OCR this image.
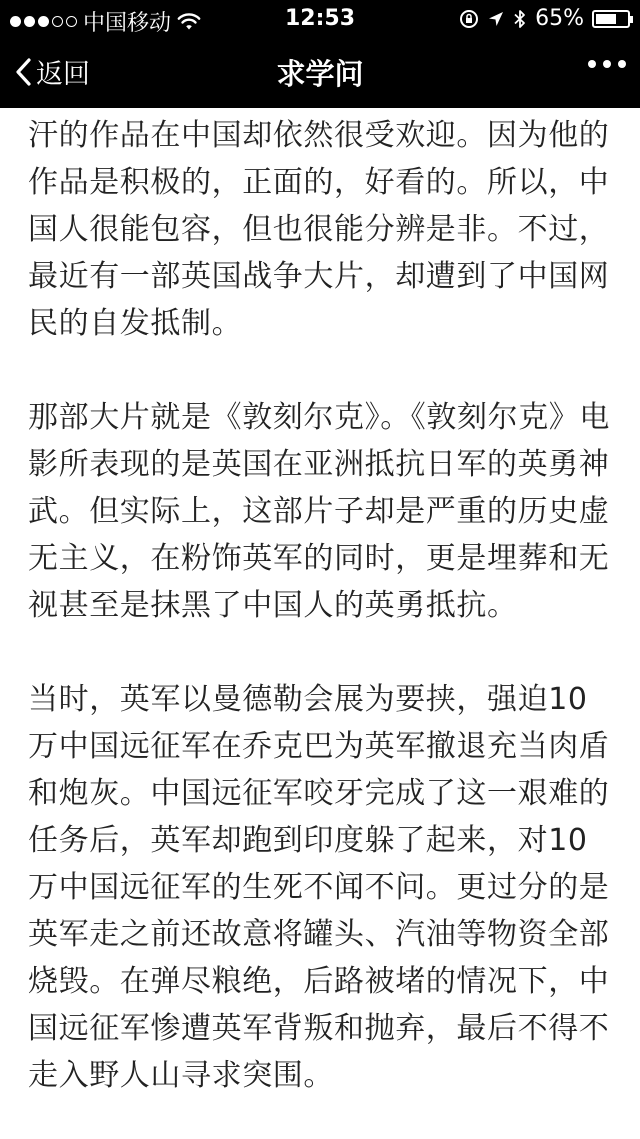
中国移动	12:53	65%
返回	求学问

汗的作品在中国却依然很受欢迎。因为他的作品是积极的，正面的，好看的。所以，中国人很能包容，但也很能分辨是非。不过，最近有一部英国战争大片，却遭到了中国网民的自发抵制。

那部大片就是《敦刻尔克》。《敦刻尔克》电影所表现的是英国在亚洲抵抗日军的英勇神武。但实际上，这部片子却是严重的历史虚无主义，在粉饰英军的同时，更是埋葬和无视甚至是抹黑了中国人的英勇抵抗。

当时，英军以曼德勒会展为要挟，强迫10万中国远征军在乔克巴为英军撤退充当肉盾和炮灰。中国远征军咬牙完成了这一艰难的任务后，英军却跑到印度躲了起来，对10万中国远征军的生死不闻不问。更过分的是英军走之前还故意将罐头、汽油等物资全部烧毁。在弹尽粮绝，后路被堵的情况下，中国远征军惨遭英军背叛和抛弃，最后不得不走入野人山寻求突围。
